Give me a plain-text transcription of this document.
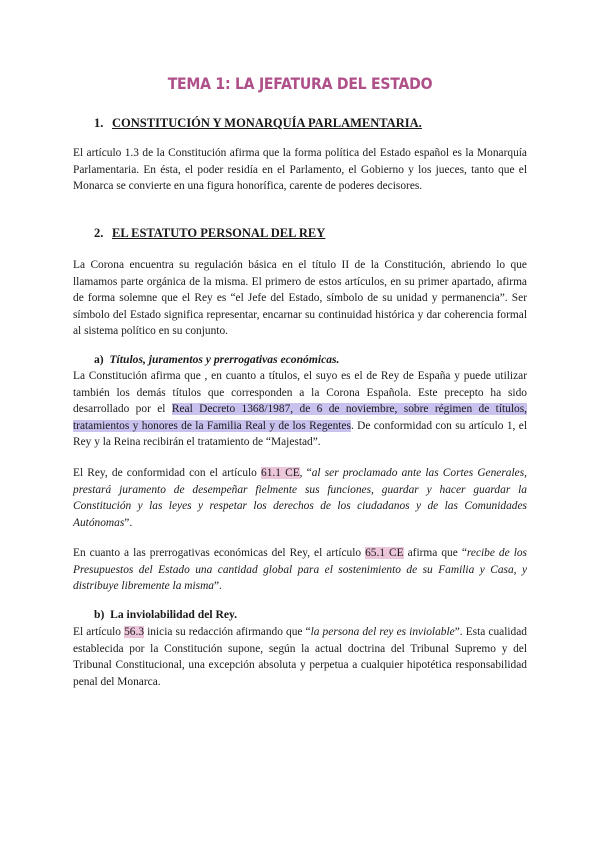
TEMA 1: LA JEFATURA DEL ESTADO
1. CONSTITUCIÓN Y MONARQUÍA PARLAMENTARIA.
El artículo 1.3 de la Constitución afirma que la forma política del Estado español es la Monarquía Parlamentaria. En ésta, el poder residía en el Parlamento, el Gobierno y los jueces, tanto que el Monarca se convierte en una figura honorífica, carente de poderes decisores.
2. EL ESTATUTO PERSONAL DEL REY
La Corona encuentra su regulación básica en el título II de la Constitución, abriendo lo que llamamos parte orgánica de la misma. El primero de estos artículos, en su primer apartado, afirma de forma solemne que el Rey es “el Jefe del Estado, símbolo de su unidad y permanencia”. Ser símbolo del Estado significa representar, encarnar su continuidad histórica y dar coherencia formal al sistema político en su conjunto.
a) Títulos, juramentos y prerrogativas económicas.
La Constitución afirma que , en cuanto a títulos, el suyo es el de Rey de España y puede utilizar también los demás títulos que corresponden a la Corona Española. Este precepto ha sido desarrollado por el Real Decreto 1368/1987, de 6 de noviembre, sobre régimen de títulos, tratamientos y honores de la Familia Real y de los Regentes. De conformidad con su artículo 1, el Rey y la Reina recibirán el tratamiento de “Majestad”.
El Rey, de conformidad con el artículo 61.1 CE, “al ser proclamado ante las Cortes Generales, prestará juramento de desempeñar fielmente sus funciones, guardar y hacer guardar la Constitución y las leyes y respetar los derechos de los ciudadanos y de las Comunidades Autónomas”.
En cuanto a las prerrogativas económicas del Rey, el artículo 65.1 CE afirma que “recibe de los Presupuestos del Estado una cantidad global para el sostenimiento de su Familia y Casa, y distribuye libremente la misma”.
b) La inviolabilidad del Rey.
El artículo 56.3 inicia su redacción afirmando que “la persona del rey es inviolable”. Esta cualidad establecida por la Constitución supone, según la actual doctrina del Tribunal Supremo y del Tribunal Constitucional, una excepción absoluta y perpetua a cualquier hipotética responsabilidad penal del Monarca.
